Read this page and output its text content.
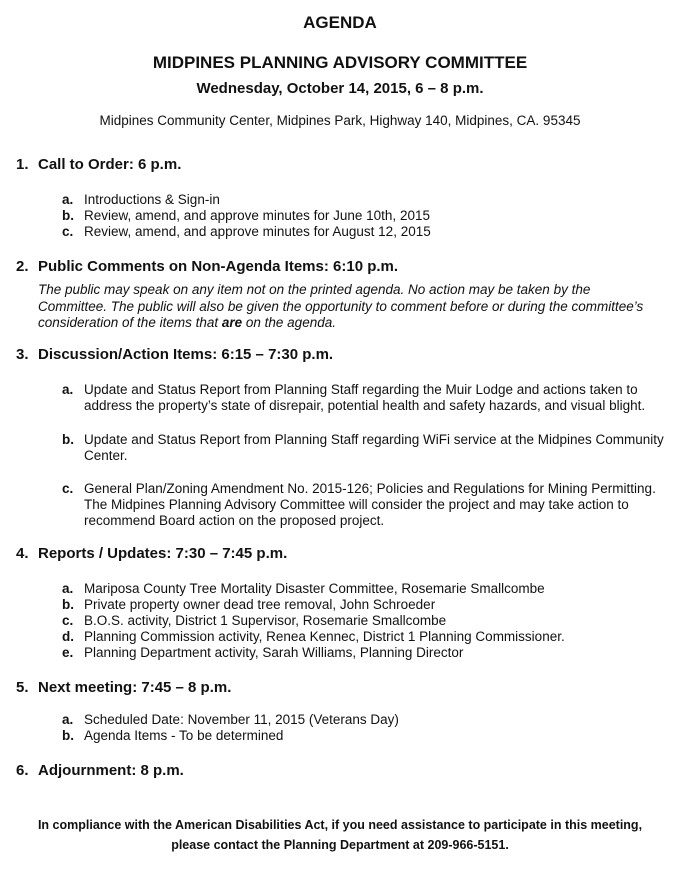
AGENDA
MIDPINES PLANNING ADVISORY COMMITTEE
Wednesday, October 14, 2015, 6 – 8 p.m.
Midpines Community Center, Midpines Park, Highway 140, Midpines, CA. 95345
1. Call to Order: 6 p.m.
a. Introductions & Sign-in
b. Review, amend, and approve minutes for June 10th, 2015
c. Review, amend, and approve minutes for August 12, 2015
2. Public Comments on Non-Agenda Items: 6:10 p.m.
The public may speak on any item not on the printed agenda. No action may be taken by the Committee. The public will also be given the opportunity to comment before or during the committee’s consideration of the items that are on the agenda.
3. Discussion/Action Items: 6:15 – 7:30 p.m.
a. Update and Status Report from Planning Staff regarding the Muir Lodge and actions taken to address the property’s state of disrepair, potential health and safety hazards, and visual blight.
b. Update and Status Report from Planning Staff regarding WiFi service at the Midpines Community Center.
c. General Plan/Zoning Amendment No. 2015-126; Policies and Regulations for Mining Permitting. The Midpines Planning Advisory Committee will consider the project and may take action to recommend Board action on the proposed project.
4. Reports / Updates: 7:30 – 7:45 p.m.
a. Mariposa County Tree Mortality Disaster Committee, Rosemarie Smallcombe
b. Private property owner dead tree removal, John Schroeder
c. B.O.S. activity, District 1 Supervisor, Rosemarie Smallcombe
d. Planning Commission activity, Renea Kennec, District 1 Planning Commissioner.
e. Planning Department activity, Sarah Williams, Planning Director
5. Next meeting: 7:45 – 8 p.m.
a. Scheduled Date: November 11, 2015 (Veterans Day)
b. Agenda Items - To be determined
6. Adjournment: 8 p.m.
In compliance with the American Disabilities Act, if you need assistance to participate in this meeting,
please contact the Planning Department at 209-966-5151.
